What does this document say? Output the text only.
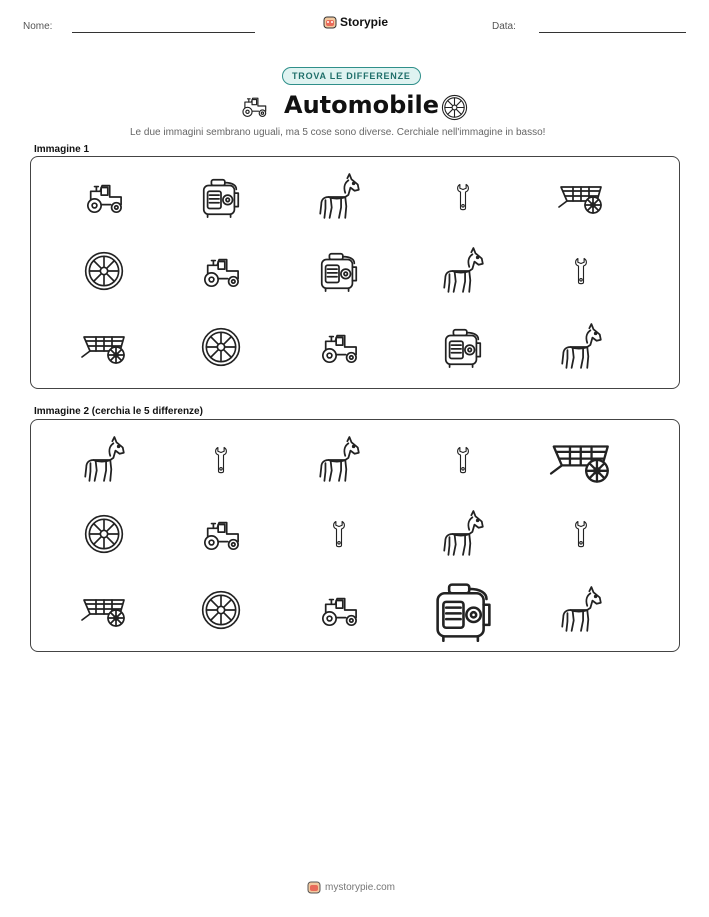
Nome:	Storypie	Data:
TROVA LE DIFFERENZE
Automobile
Le due immagini sembrano uguali, ma 5 cose sono diverse. Cerchiale nell'immagine in basso!
Immagine 1
Immagine 2 (cerchia le 5 differenze)
mystorypie.com
